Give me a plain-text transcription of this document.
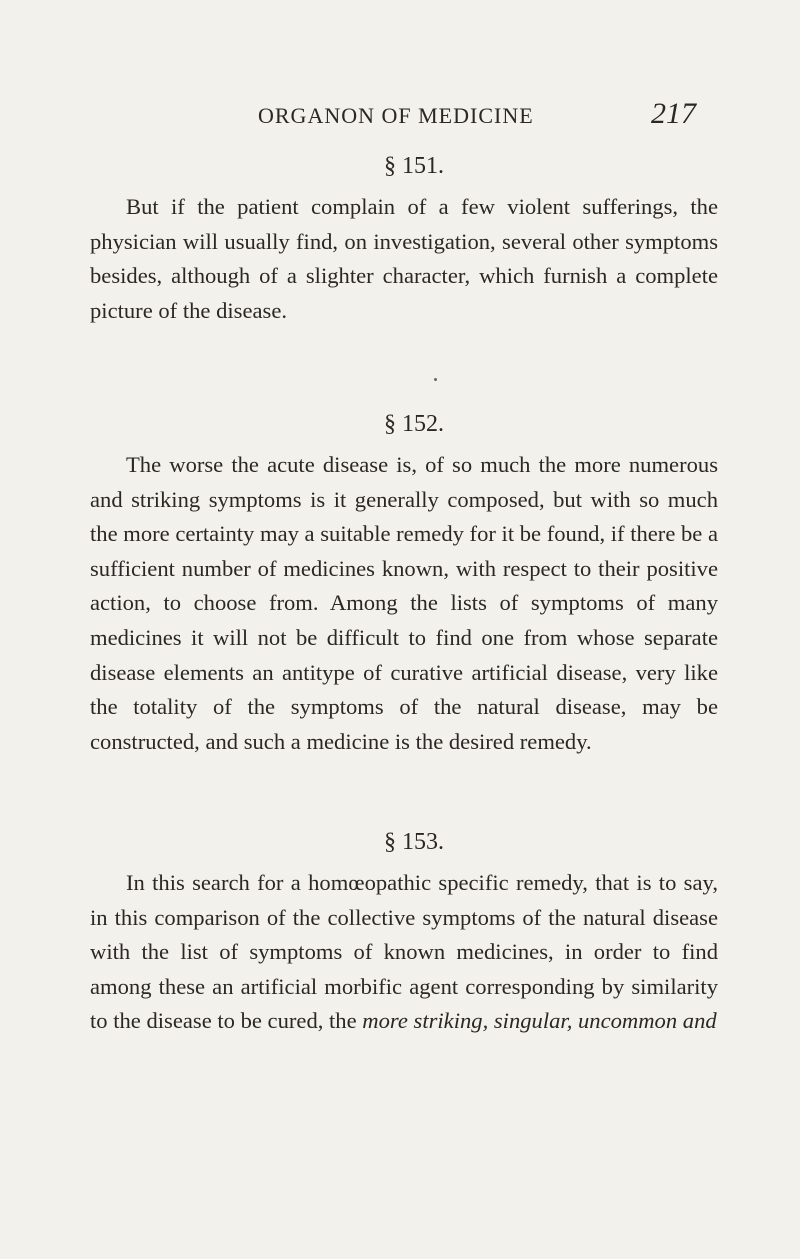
ORGANON OF MEDICINE	217
§ 151.

But if the patient complain of a few violent sufferings, the physician will usually find, on investigation, several other symptoms besides, although of a slighter character, which furnish a complete picture of the disease.

§ 152.

The worse the acute disease is, of so much the more numerous and striking symptoms is it generally composed, but with so much the more certainty may a suitable remedy for it be found, if there be a sufficient number of medicines known, with respect to their positive action, to choose from. Among the lists of symptoms of many medicines it will not be difficult to find one from whose separate disease elements an antitype of curative artificial disease, very like the totality of the symptoms of the natural disease, may be constructed, and such a medicine is the desired remedy.

§ 153.

In this search for a homœopathic specific remedy, that is to say, in this comparison of the collective symptoms of the natural disease with the list of symptoms of known medicines, in order to find among these an artificial morbific agent corresponding by similarity to the disease to be cured, the more striking, singular, uncommon and
